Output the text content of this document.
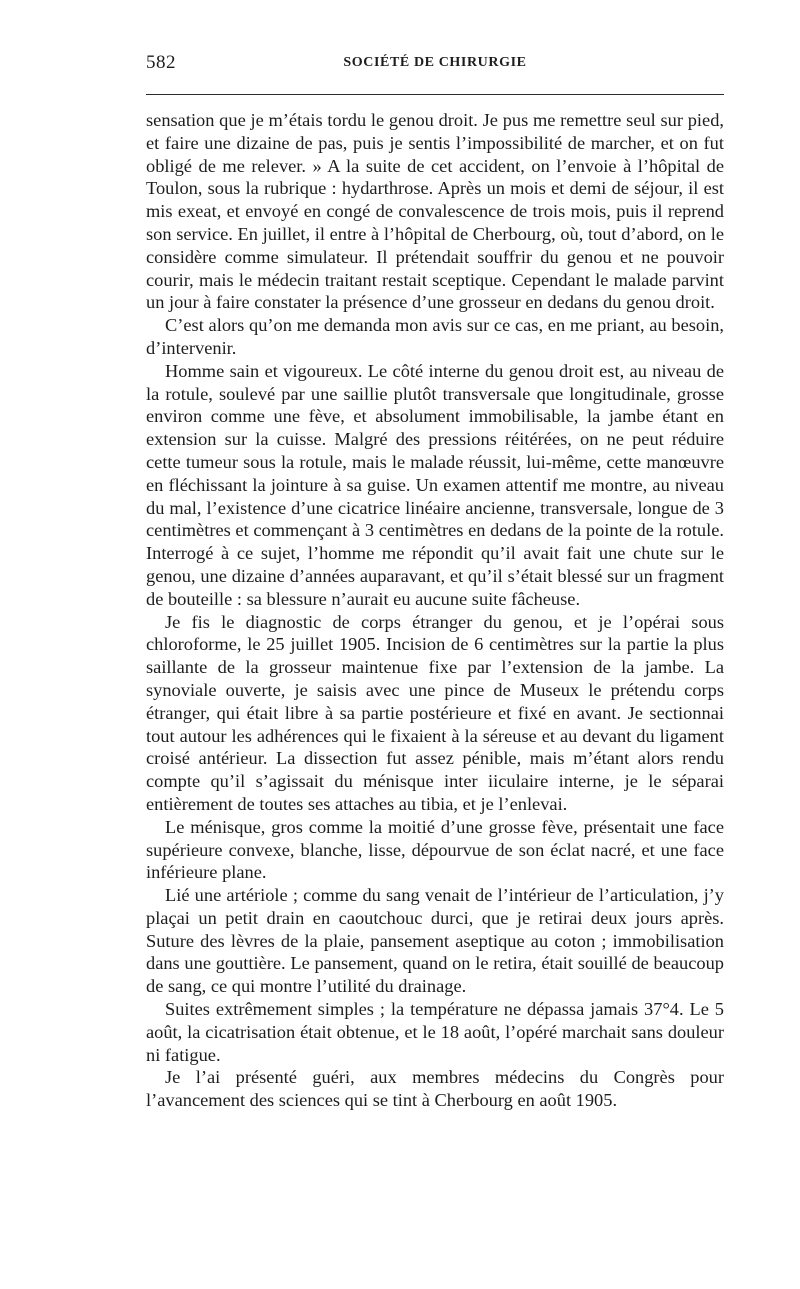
582	SOCIÉTÉ DE CHIRURGIE

sensation que je m’étais tordu le genou droit. Je pus me remettre seul sur pied, et faire une dizaine de pas, puis je sentis l’impossibilité de marcher, et on fut obligé de me relever. » A la suite de cet accident, on l’envoie à l’hôpital de Toulon, sous la rubrique : hydarthrose. Après un mois et demi de séjour, il est mis exeat, et envoyé en congé de convalescence de trois mois, puis il reprend son service. En juillet, il entre à l’hôpital de Cherbourg, où, tout d’abord, on le considère comme simulateur. Il prétendait souffrir du genou et ne pouvoir courir, mais le médecin traitant restait sceptique. Cependant le malade parvint un jour à faire constater la présence d’une grosseur en dedans du genou droit.

C’est alors qu’on me demanda mon avis sur ce cas, en me priant, au besoin, d’intervenir.

Homme sain et vigoureux. Le côté interne du genou droit est, au niveau de la rotule, soulevé par une saillie plutôt transversale que longitudinale, grosse environ comme une fève, et absolument immobilisable, la jambe étant en extension sur la cuisse. Malgré des pressions réitérées, on ne peut réduire cette tumeur sous la rotule, mais le malade réussit, lui-même, cette manœuvre en fléchissant la jointure à sa guise. Un examen attentif me montre, au niveau du mal, l’existence d’une cicatrice linéaire ancienne, transversale, longue de 3 centimètres et commençant à 3 centimètres en dedans de la pointe de la rotule. Interrogé à ce sujet, l’homme me répondit qu’il avait fait une chute sur le genou, une dizaine d’années auparavant, et qu’il s’était blessé sur un fragment de bouteille : sa blessure n’aurait eu aucune suite fâcheuse.

Je fis le diagnostic de corps étranger du genou, et je l’opérai sous chloroforme, le 25 juillet 1905. Incision de 6 centimètres sur la partie la plus saillante de la grosseur maintenue fixe par l’extension de la jambe. La synoviale ouverte, je saisis avec une pince de Museux le prétendu corps étranger, qui était libre à sa partie postérieure et fixé en avant. Je sectionnai tout autour les adhérences qui le fixaient à la séreuse et au devant du ligament croisé antérieur. La dissection fut assez pénible, mais m’étant alors rendu compte qu’il s’agissait du ménisque inter iiculaire interne, je le séparai entièrement de toutes ses attaches au tibia, et je l’enlevai.

Le ménisque, gros comme la moitié d’une grosse fève, présentait une face supérieure convexe, blanche, lisse, dépourvue de son éclat nacré, et une face inférieure plane.

Lié une artériole ; comme du sang venait de l’intérieur de l’articulation, j’y plaçai un petit drain en caoutchouc durci, que je retirai deux jours après. Suture des lèvres de la plaie, pansement aseptique au coton ; immobilisation dans une gouttière. Le pansement, quand on le retira, était souillé de beaucoup de sang, ce qui montre l’utilité du drainage.

Suites extrêmement simples ; la température ne dépassa jamais 37°4. Le 5 août, la cicatrisation était obtenue, et le 18 août, l’opéré marchait sans douleur ni fatigue.

Je l’ai présenté guéri, aux membres médecins du Congrès pour l’avancement des sciences qui se tint à Cherbourg en août 1905.
